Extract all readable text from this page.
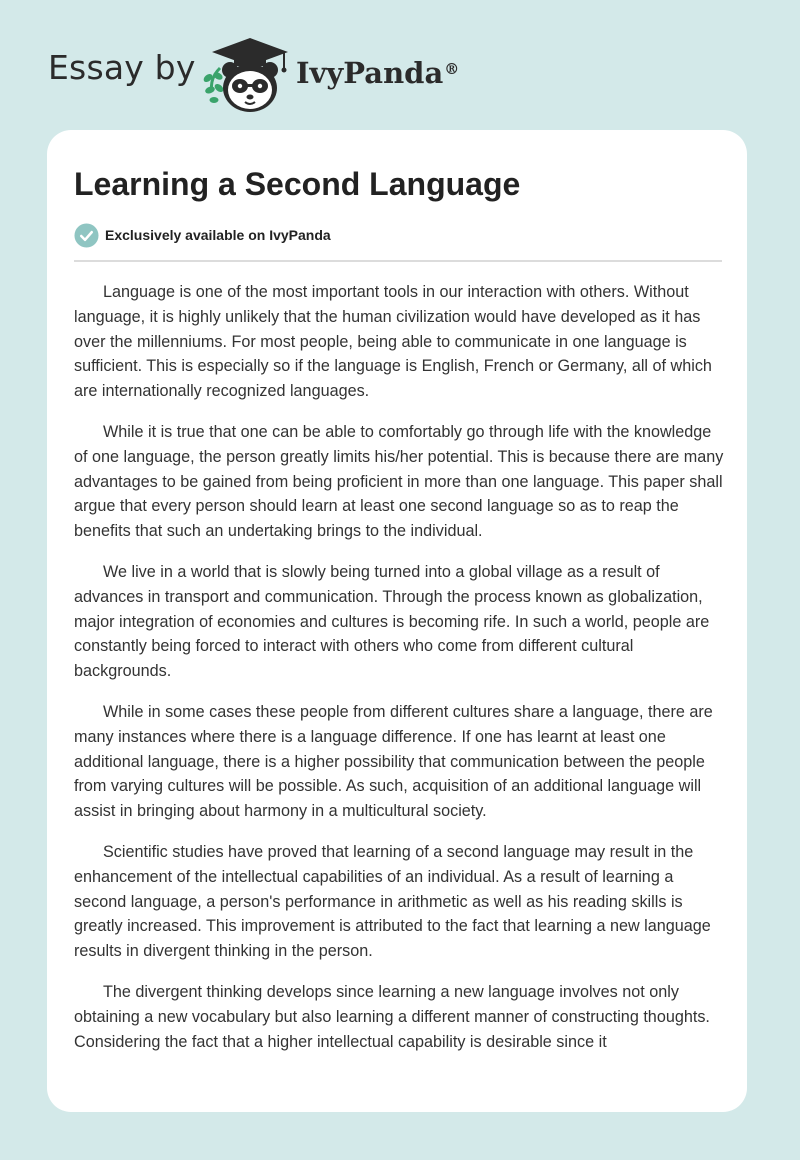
Essay by	IvyPanda®
Learning a Second Language
Exclusively available on IvyPanda

Language is one of the most important tools in our interaction with others. Without language, it is highly unlikely that the human civilization would have developed as it has over the millenniums. For most people, being able to communicate in one language is sufficient. This is especially so if the language is English, French or Germany, all of which are internationally recognized languages.

While it is true that one can be able to comfortably go through life with the knowledge of one language, the person greatly limits his/her potential. This is because there are many advantages to be gained from being proficient in more than one language. This paper shall argue that every person should learn at least one second language so as to reap the benefits that such an undertaking brings to the individual.

We live in a world that is slowly being turned into a global village as a result of advances in transport and communication. Through the process known as globalization, major integration of economies and cultures is becoming rife. In such a world, people are constantly being forced to interact with others who come from different cultural backgrounds.

While in some cases these people from different cultures share a language, there are many instances where there is a language difference. If one has learnt at least one additional language, there is a higher possibility that communication between the people from varying cultures will be possible. As such, acquisition of an additional language will assist in bringing about harmony in a multicultural society.

Scientific studies have proved that learning of a second language may result in the enhancement of the intellectual capabilities of an individual. As a result of learning a second language, a person's performance in arithmetic as well as his reading skills is greatly increased. This improvement is attributed to the fact that learning a new language results in divergent thinking in the person.

The divergent thinking develops since learning a new language involves not only obtaining a new vocabulary but also learning a different manner of constructing thoughts. Considering the fact that a higher intellectual capability is desirable since it
